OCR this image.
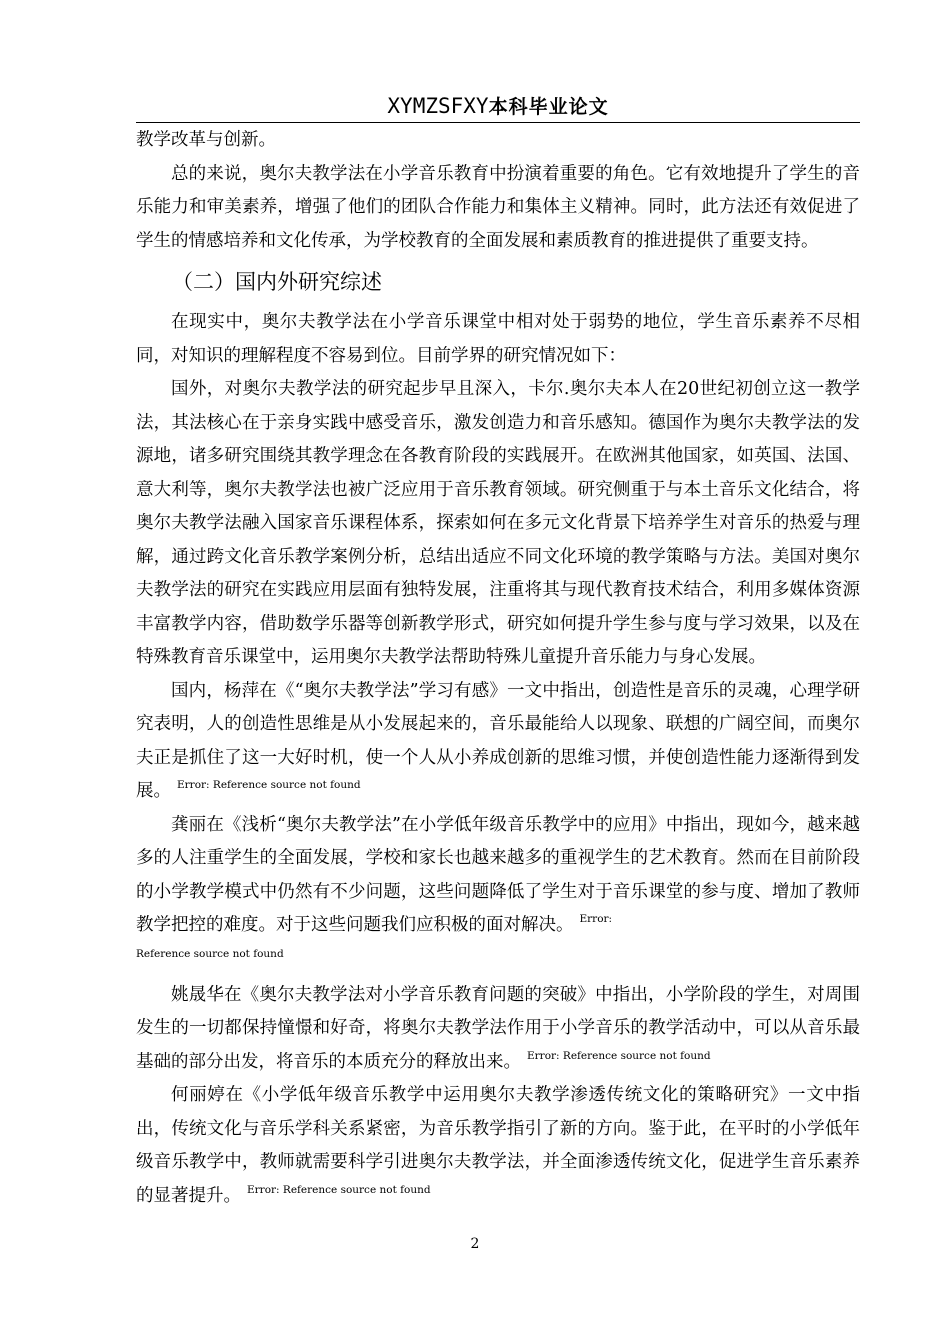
XYMZSFXY本科毕业论文

教学改革与创新。

总的来说，奥尔夫教学法在小学音乐教育中扮演着重要的角色。它有效地提升了学生的音乐能力和审美素养，增强了他们的团队合作能力和集体主义精神。同时，此方法还有效促进了学生的情感培养和文化传承，为学校教育的全面发展和素质教育的推进提供了重要支持。

（二）国内外研究综述

在现实中，奥尔夫教学法在小学音乐课堂中相对处于弱势的地位，学生音乐素养不尽相同，对知识的理解程度不容易到位。目前学界的研究情况如下：

国外，对奥尔夫教学法的研究起步早且深入，卡尔.奥尔夫本人在20世纪初创立这一教学法，其法核心在于亲身实践中感受音乐，激发创造力和音乐感知。德国作为奥尔夫教学法的发源地，诸多研究围绕其教学理念在各教育阶段的实践展开。在欧洲其他国家，如英国、法国、意大利等，奥尔夫教学法也被广泛应用于音乐教育领域。研究侧重于与本土音乐文化结合，将奥尔夫教学法融入国家音乐课程体系，探索如何在多元文化背景下培养学生对音乐的热爱与理解，通过跨文化音乐教学案例分析，总结出适应不同文化环境的教学策略与方法。美国对奥尔夫教学法的研究在实践应用层面有独特发展，注重将其与现代教育技术结合，利用多媒体资源丰富教学内容，借助数学乐器等创新教学形式，研究如何提升学生参与度与学习效果，以及在特殊教育音乐课堂中，运用奥尔夫教学法帮助特殊儿童提升音乐能力与身心发展。

国内，杨萍在《“奥尔夫教学法”学习有感》一文中指出，创造性是音乐的灵魂，心理学研究表明，人的创造性思维是从小发展起来的，音乐最能给人以现象、联想的广阔空间，而奥尔夫正是抓住了这一大好时机，使一个人从小养成创新的思维习惯，并使创造性能力逐渐得到发展。 $^{Error: Reference source not found}$

龚丽在《浅析“奥尔夫教学法”在小学低年级音乐教学中的应用》中指出，现如今，越来越多的人注重学生的全面发展，学校和家长也越来越多的重视学生的艺术教育。然而在目前阶段的小学教学模式中仍然有不少问题，这些问题降低了学生对于音乐课堂的参与度、增加了教师教学把控的难度。对于这些问题我们应积极的面对解决。 $^{Error:}$

Reference source not found

姚晟华在《奥尔夫教学法对小学音乐教育问题的突破》中指出，小学阶段的学生，对周围发生的一切都保持憧憬和好奇，将奥尔夫教学法作用于小学音乐的教学活动中，可以从音乐最基础的部分出发，将音乐的本质充分的释放出来。 $^{Error: Reference source not found}$

何丽婷在《小学低年级音乐教学中运用奥尔夫教学渗透传统文化的策略研究》一文中指出，传统文化与音乐学科关系紧密，为音乐教学指引了新的方向。鉴于此，在平时的小学低年级音乐教学中，教师就需要科学引进奥尔夫教学法，并全面渗透传统文化，促进学生音乐素养的显著提升。 $^{Error: Reference source not found}$

2
